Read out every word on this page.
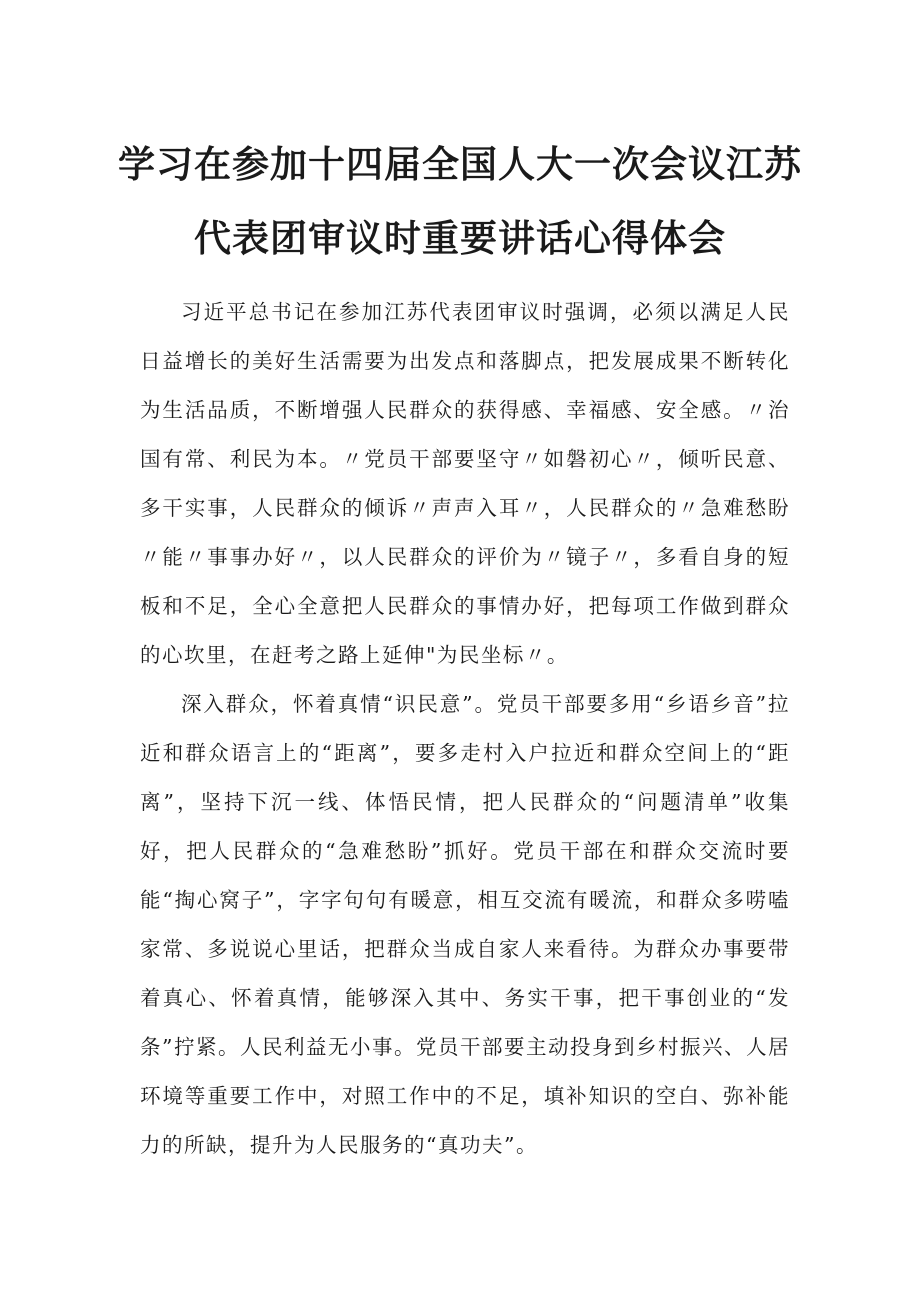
学习在参加十四届全国人大一次会议江苏
代表团审议时重要讲话心得体会

习近平总书记在参加江苏代表团审议时强调，必须以满足人民日益增长的美好生活需要为出发点和落脚点，把发展成果不断转化为生活品质，不断增强人民群众的获得感、幸福感、安全感。〃治国有常、利民为本。〃党员干部要坚守〃如磐初心〃，倾听民意、多干实事，人民群众的倾诉〃声声入耳〃，人民群众的〃急难愁盼〃能〃事事办好〃，以人民群众的评价为〃镜子〃，多看自身的短板和不足，全心全意把人民群众的事情办好，把每项工作做到群众的心坎里，在赶考之路上延伸"为民坐标〃。

深入群众，怀着真情“识民意”。党员干部要多用“乡语乡音”拉近和群众语言上的“距离”，要多走村入户拉近和群众空间上的“距离”，坚持下沉一线、体悟民情，把人民群众的“问题清单”收集好，把人民群众的“急难愁盼”抓好。党员干部在和群众交流时要能“掏心窝子”，字字句句有暖意，相互交流有暖流，和群众多唠嗑家常、多说说心里话，把群众当成自家人来看待。为群众办事要带着真心、怀着真情，能够深入其中、务实干事，把干事创业的“发条”拧紧。人民利益无小事。党员干部要主动投身到乡村振兴、人居环境等重要工作中，对照工作中的不足，填补知识的空白、弥补能力的所缺，提升为人民服务的“真功夫”。
